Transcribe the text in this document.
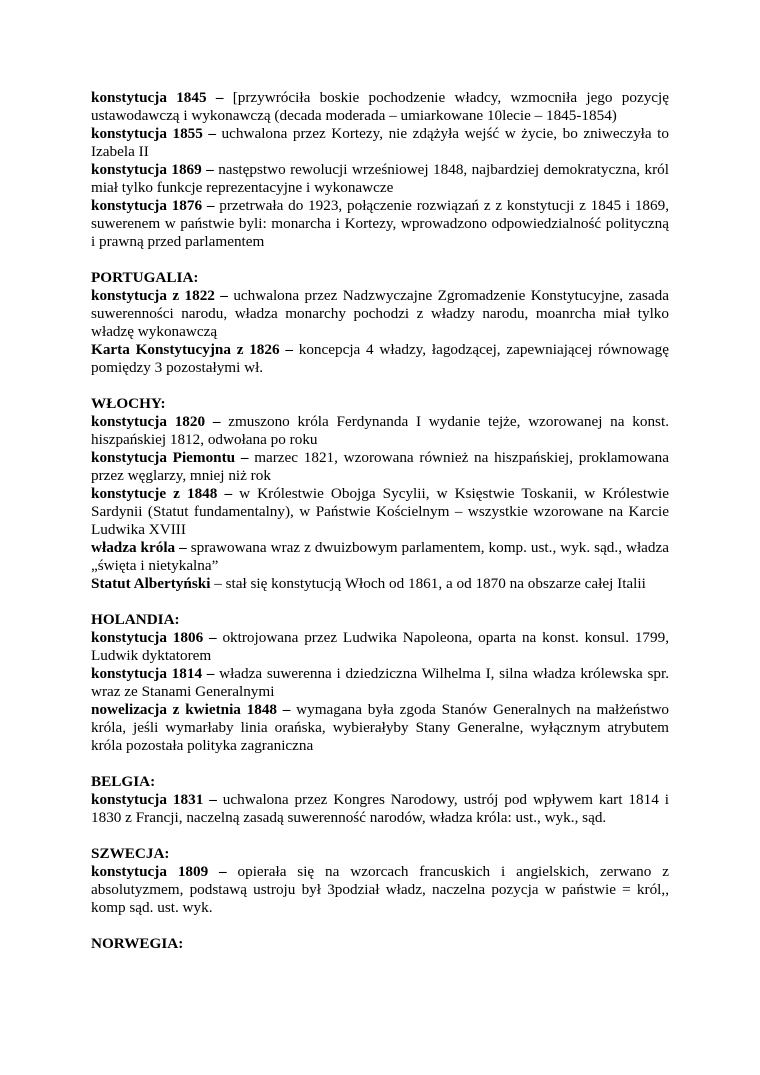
konstytucja 1845 – [przywróciła boskie pochodzenie władcy, wzmocniła jego pozycję ustawodawczą i wykonawczą (decada moderada – umiarkowane 10lecie – 1845-1854)

konstytucja 1855 – uchwalona przez Kortezy, nie zdążyła wejść w życie, bo zniweczyła to Izabela II

konstytucja 1869 – następstwo rewolucji wrześniowej 1848, najbardziej demokratyczna, król miał tylko funkcje reprezentacyjne i wykonawcze

konstytucja 1876 – przetrwała do 1923, połączenie rozwiązań z z konstytucji z 1845 i 1869, suwerenem w państwie byli: monarcha i Kortezy, wprowadzono odpowiedzialność polityczną i prawną przed parlamentem

PORTUGALIA:

konstytucja z 1822 – uchwalona przez Nadzwyczajne Zgromadzenie Konstytucyjne, zasada suwerenności narodu, władza monarchy pochodzi z władzy narodu, moanrcha miał tylko władzę wykonawczą

Karta Konstytucyjna z 1826 – koncepcja 4 władzy, łagodzącej, zapewniającej równowagę pomiędzy 3 pozostałymi wł.

WŁOCHY:

konstytucja 1820 – zmuszono króla Ferdynanda I wydanie tejże, wzorowanej na konst. hiszpańskiej 1812, odwołana po roku

konstytucja Piemontu – marzec 1821, wzorowana również na hiszpańskiej, proklamowana przez węglarzy, mniej niż rok

konstytucje z 1848 – w Królestwie Obojga Sycylii, w Księstwie Toskanii, w Królestwie Sardynii (Statut fundamentalny), w Państwie Kościelnym – wszystkie wzorowane na Karcie Ludwika XVIII

władza króla – sprawowana wraz z dwuizbowym parlamentem, komp. ust., wyk. sąd., władza „święta i nietykalna”

Statut Albertyński – stał się konstytucją Włoch od 1861, a od 1870 na obszarze całej Italii

HOLANDIA:

konstytucja 1806 – oktrojowana przez Ludwika Napoleona, oparta na konst. konsul. 1799, Ludwik dyktatorem

konstytucja 1814 – władza suwerenna i dziedziczna Wilhelma I, silna władza królewska spr. wraz ze Stanami Generalnymi

nowelizacja z kwietnia 1848 – wymagana była zgoda Stanów Generalnych na małżeństwo króla, jeśli wymarłaby linia orańska, wybierałyby Stany Generalne, wyłącznym atrybutem króla pozostała polityka zagraniczna

BELGIA:

konstytucja 1831 – uchwalona przez Kongres Narodowy, ustrój pod wpływem kart 1814 i 1830 z Francji, naczelną zasadą suwerenność narodów, władza króla: ust., wyk., sąd.

SZWECJA:

konstytucja 1809 – opierała się na wzorcach francuskich i angielskich, zerwano z absolutyzmem, podstawą ustroju był 3podział władz, naczelna pozycja w państwie = król,, komp sąd. ust. wyk.

NORWEGIA:
